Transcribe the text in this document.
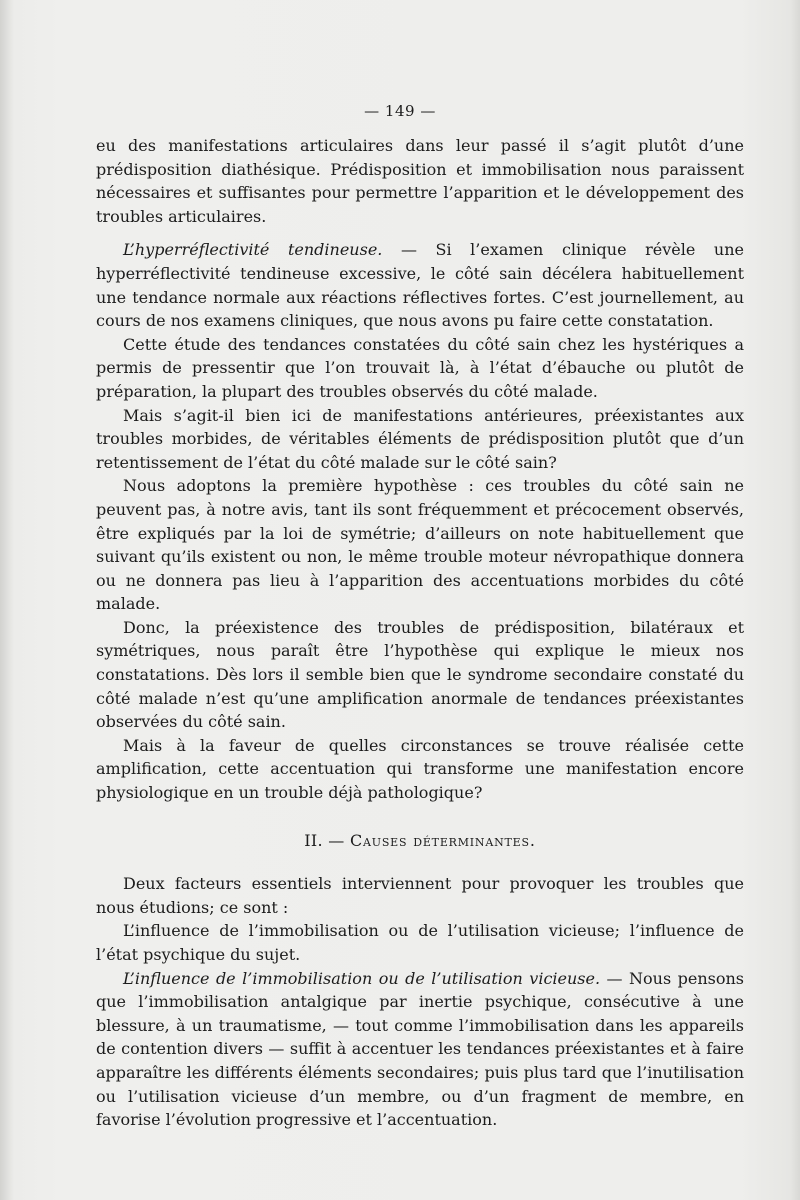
— 149 —

eu des manifestations articulaires dans leur passé il s’agit plutôt d’une prédisposition diathésique. Prédisposition et immobilisation nous paraissent nécessaires et suffisantes pour permettre l’apparition et le développement des troubles articulaires.

L’hyperréflectivité tendineuse. — Si l’examen clinique révèle une hyperréflectivité tendineuse excessive, le côté sain décélera habituellement une tendance normale aux réactions réflectives fortes. C’est journellement, au cours de nos examens cliniques, que nous avons pu faire cette constatation.

Cette étude des tendances constatées du côté sain chez les hystériques a permis de pressentir que l’on trouvait là, à l’état d’ébauche ou plutôt de préparation, la plupart des troubles observés du côté malade.

Mais s’agit-il bien ici de manifestations antérieures, préexistantes aux troubles morbides, de véritables éléments de prédisposition plutôt que d’un retentissement de l’état du côté malade sur le côté sain?

Nous adoptons la première hypothèse : ces troubles du côté sain ne peuvent pas, à notre avis, tant ils sont fréquemment et précocement observés, être expliqués par la loi de symétrie; d’ailleurs on note habituellement que suivant qu’ils existent ou non, le même trouble moteur névropathique donnera ou ne donnera pas lieu à l’apparition des accentuations morbides du côté malade.

Donc, la préexistence des troubles de prédisposition, bilatéraux et symétriques, nous paraît être l’hypothèse qui explique le mieux nos constatations. Dès lors il semble bien que le syndrome secondaire constaté du côté malade n’est qu’une amplification anormale de tendances préexistantes observées du côté sain.

Mais à la faveur de quelles circonstances se trouve réalisée cette amplification, cette accentuation qui transforme une manifestation encore physiologique en un trouble déjà pathologique?

II. — Causes déterminantes.

Deux facteurs essentiels interviennent pour provoquer les troubles que nous étudions; ce sont :

L’influence de l’immobilisation ou de l’utilisation vicieuse; l’influence de l’état psychique du sujet.

L’influence de l’immobilisation ou de l’utilisation vicieuse. — Nous pensons que l’immobilisation antalgique par inertie psychique, consécutive à une blessure, à un traumatisme, — tout comme l’immobilisation dans les appareils de contention divers — suffit à accentuer les tendances préexistantes et à faire apparaître les différents éléments secondaires; puis plus tard que l’inutilisation ou l’utilisation vicieuse d’un membre, ou d’un fragment de membre, en favorise l’évolution progressive et l’accentuation.
